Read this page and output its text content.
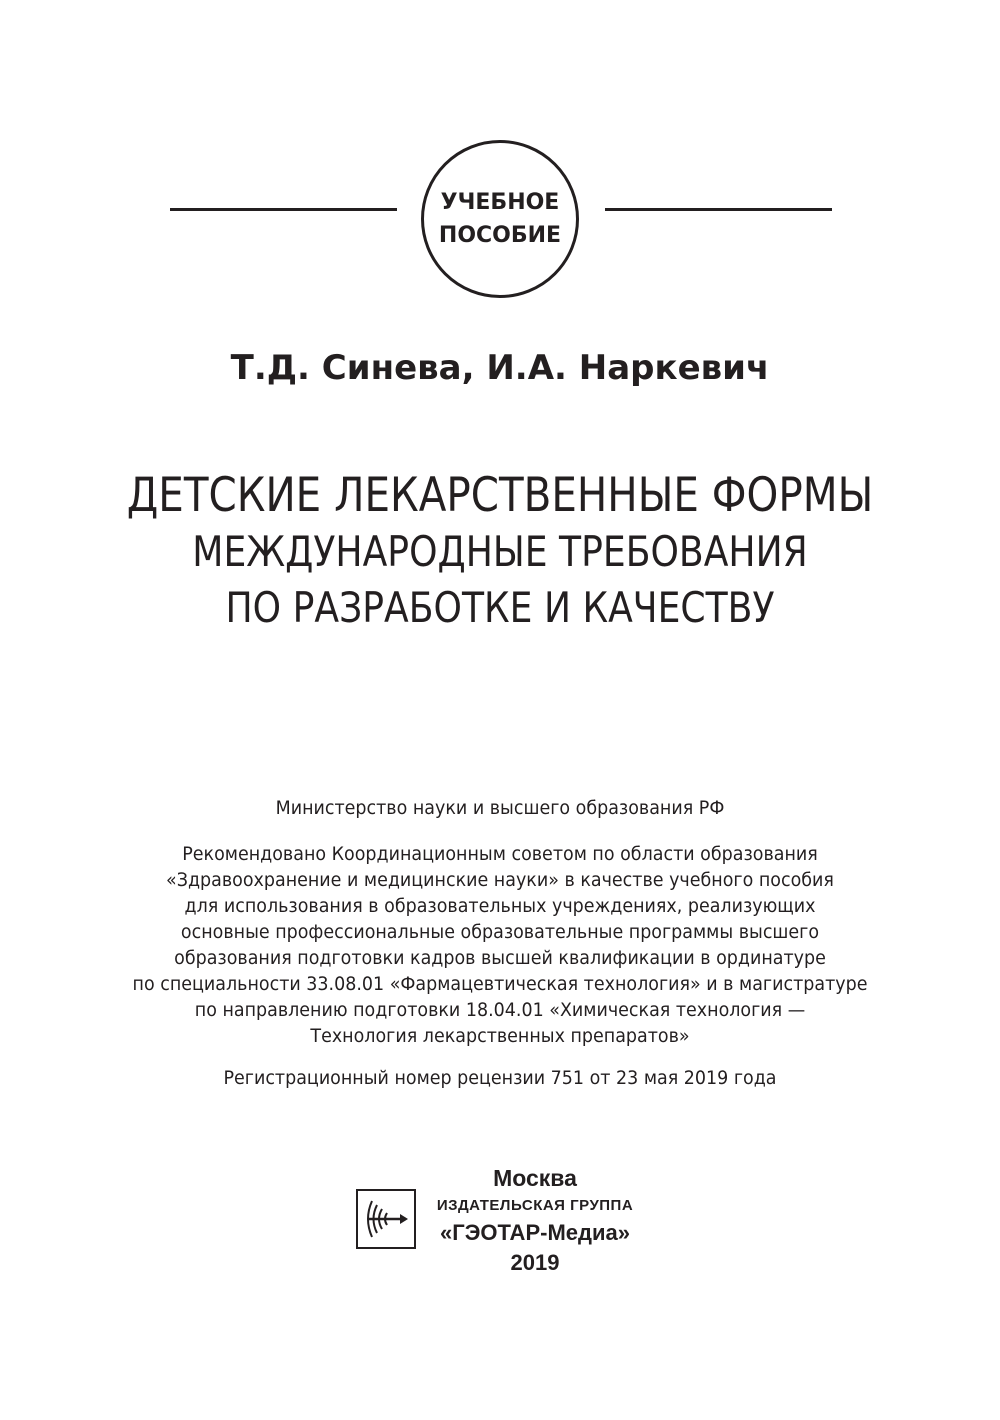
УЧЕБНОЕ
ПОСОБИЕ
Т.Д. Синева, И.А. Наркевич
ДЕТСКИЕ ЛЕКАРСТВЕННЫЕ ФОРМЫ
МЕЖДУНАРОДНЫЕ ТРЕБОВАНИЯ
ПО РАЗРАБОТКЕ И КАЧЕСТВУ
Министерство науки и высшего образования РФ
Рекомендовано Координационным советом по области образования
«Здравоохранение и медицинские науки» в качестве учебного пособия
для использования в образовательных учреждениях, реализующих
основные профессиональные образовательные программы высшего
образования подготовки кадров высшей квалификации в ординатуре
по специальности 33.08.01 «Фармацевтическая технология» и в магистратуре
по направлению подготовки 18.04.01 «Химическая технология —
Технология лекарственных препаратов»
Регистрационный номер рецензии 751 от 23 мая 2019 года
Москва
ИЗДАТЕЛЬСКАЯ ГРУППА
«ГЭОТАР-Медиа»
2019
